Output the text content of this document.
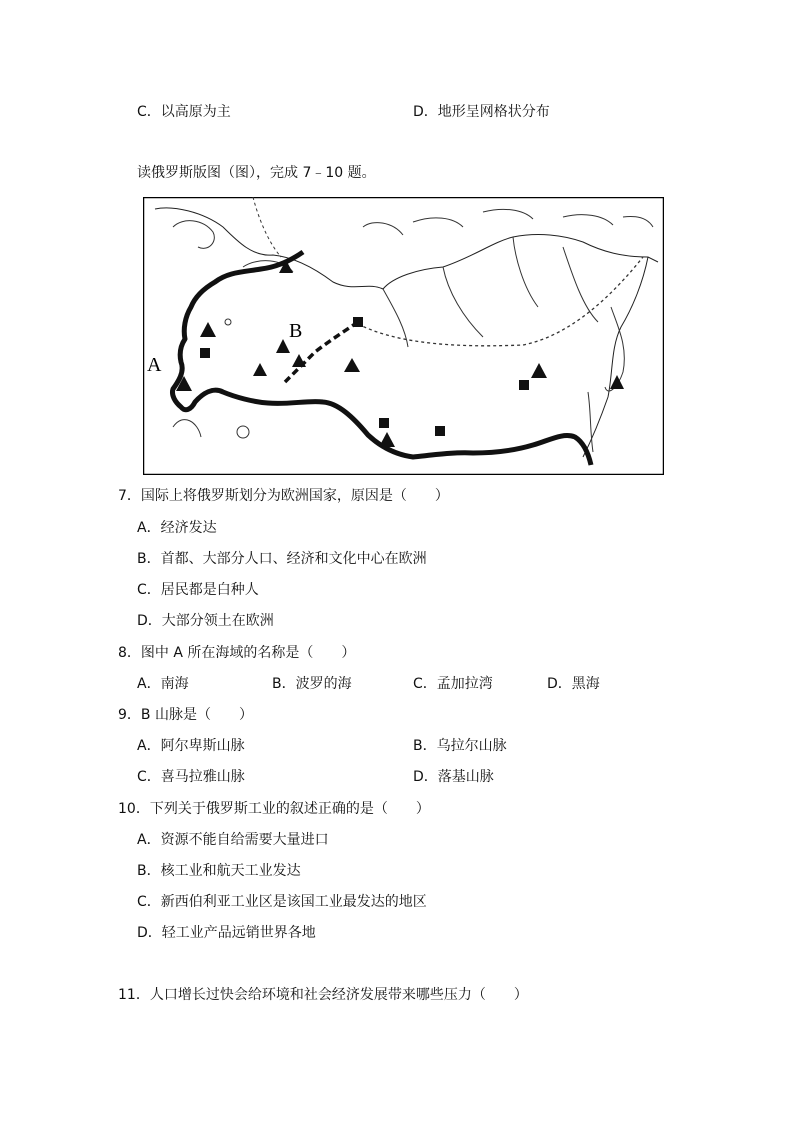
C．以高原为主	D．地形呈网格状分布
读俄罗斯版图（图），完成 7﹣10 题。
A
B
7．国际上将俄罗斯划分为欧洲国家，原因是（　　）
A．经济发达
B．首都、大部分人口、经济和文化中心在欧洲
C．居民都是白种人
D．大部分领土在欧洲
8．图中 A 所在海域的名称是（　　）
A．南海	B．波罗的海	C．孟加拉湾	D．黑海
9．B 山脉是（　　）
A．阿尔卑斯山脉	B．乌拉尔山脉
C．喜马拉雅山脉	D．落基山脉
10．下列关于俄罗斯工业的叙述正确的是（　　）
A．资源不能自给需要大量进口
B．核工业和航天工业发达
C．新西伯利亚工业区是该国工业最发达的地区
D．轻工业产品远销世界各地
11．人口增长过快会给环境和社会经济发展带来哪些压力（　　）
